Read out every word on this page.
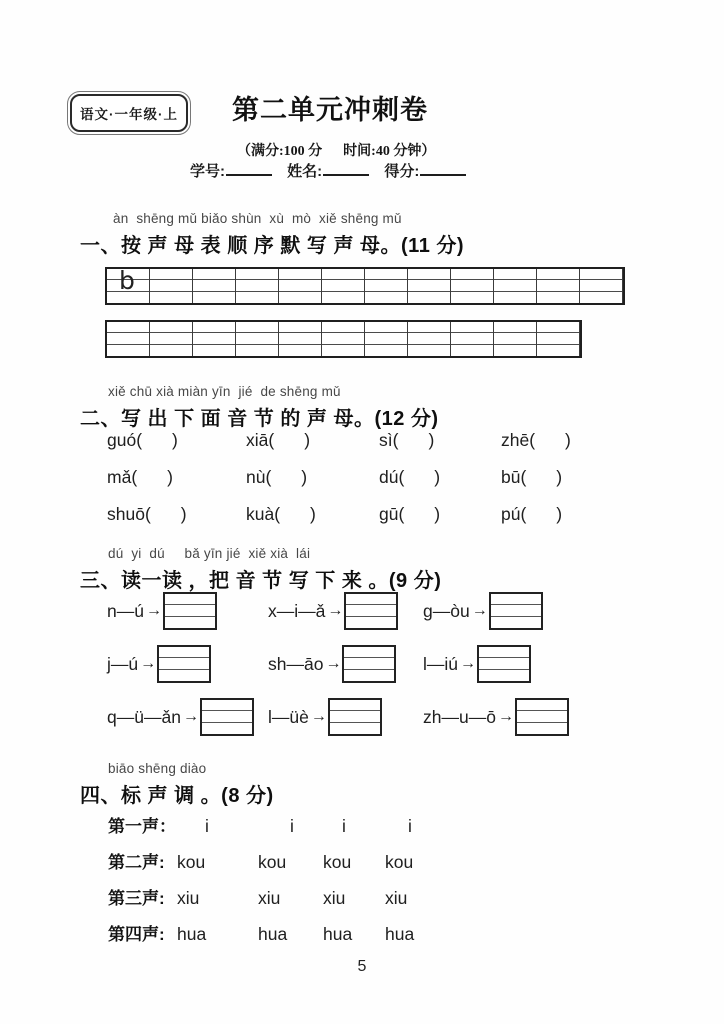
语文·一年级·上	第二单元冲刺卷
（满分:100 分      时间:40 分钟）
学号:	姓名:	得分:
àn  shēng mǔ biǎo shùn  xù  mò  xiě shēng mǔ
一、按 声 母 表 顺 序 默 写 声 母。(11 分)
b
xiě chū xià miàn yīn  jié  de shēng mǔ
二、写 出 下 面 音 节 的 声 母。(12 分)
guó( )	xiā( )	sì( )	zhē( )
mǎ( )	nù( )	dú( )	bū( )
shuō( )	kuà( )	gū( )	pú( )
dú  yi  dú     bǎ yīn jié  xiě xià  lái
三、读一读 ，把 音 节 写 下 来 。(9 分)
n—ú →	x—i—ǎ →	g—òu →
j—ú →	sh—āo →	l—iú →
q—ü—ǎn →	l—üè →	zh—u—ō →
biāo shēng diào
四、标 声 调 。(8 分)
第一声：	i	i	i	i
第二声: kou	kou	kou	kou
第三声: xiu	xiu	xiu	xiu
第四声: hua	hua	hua	hua
5
